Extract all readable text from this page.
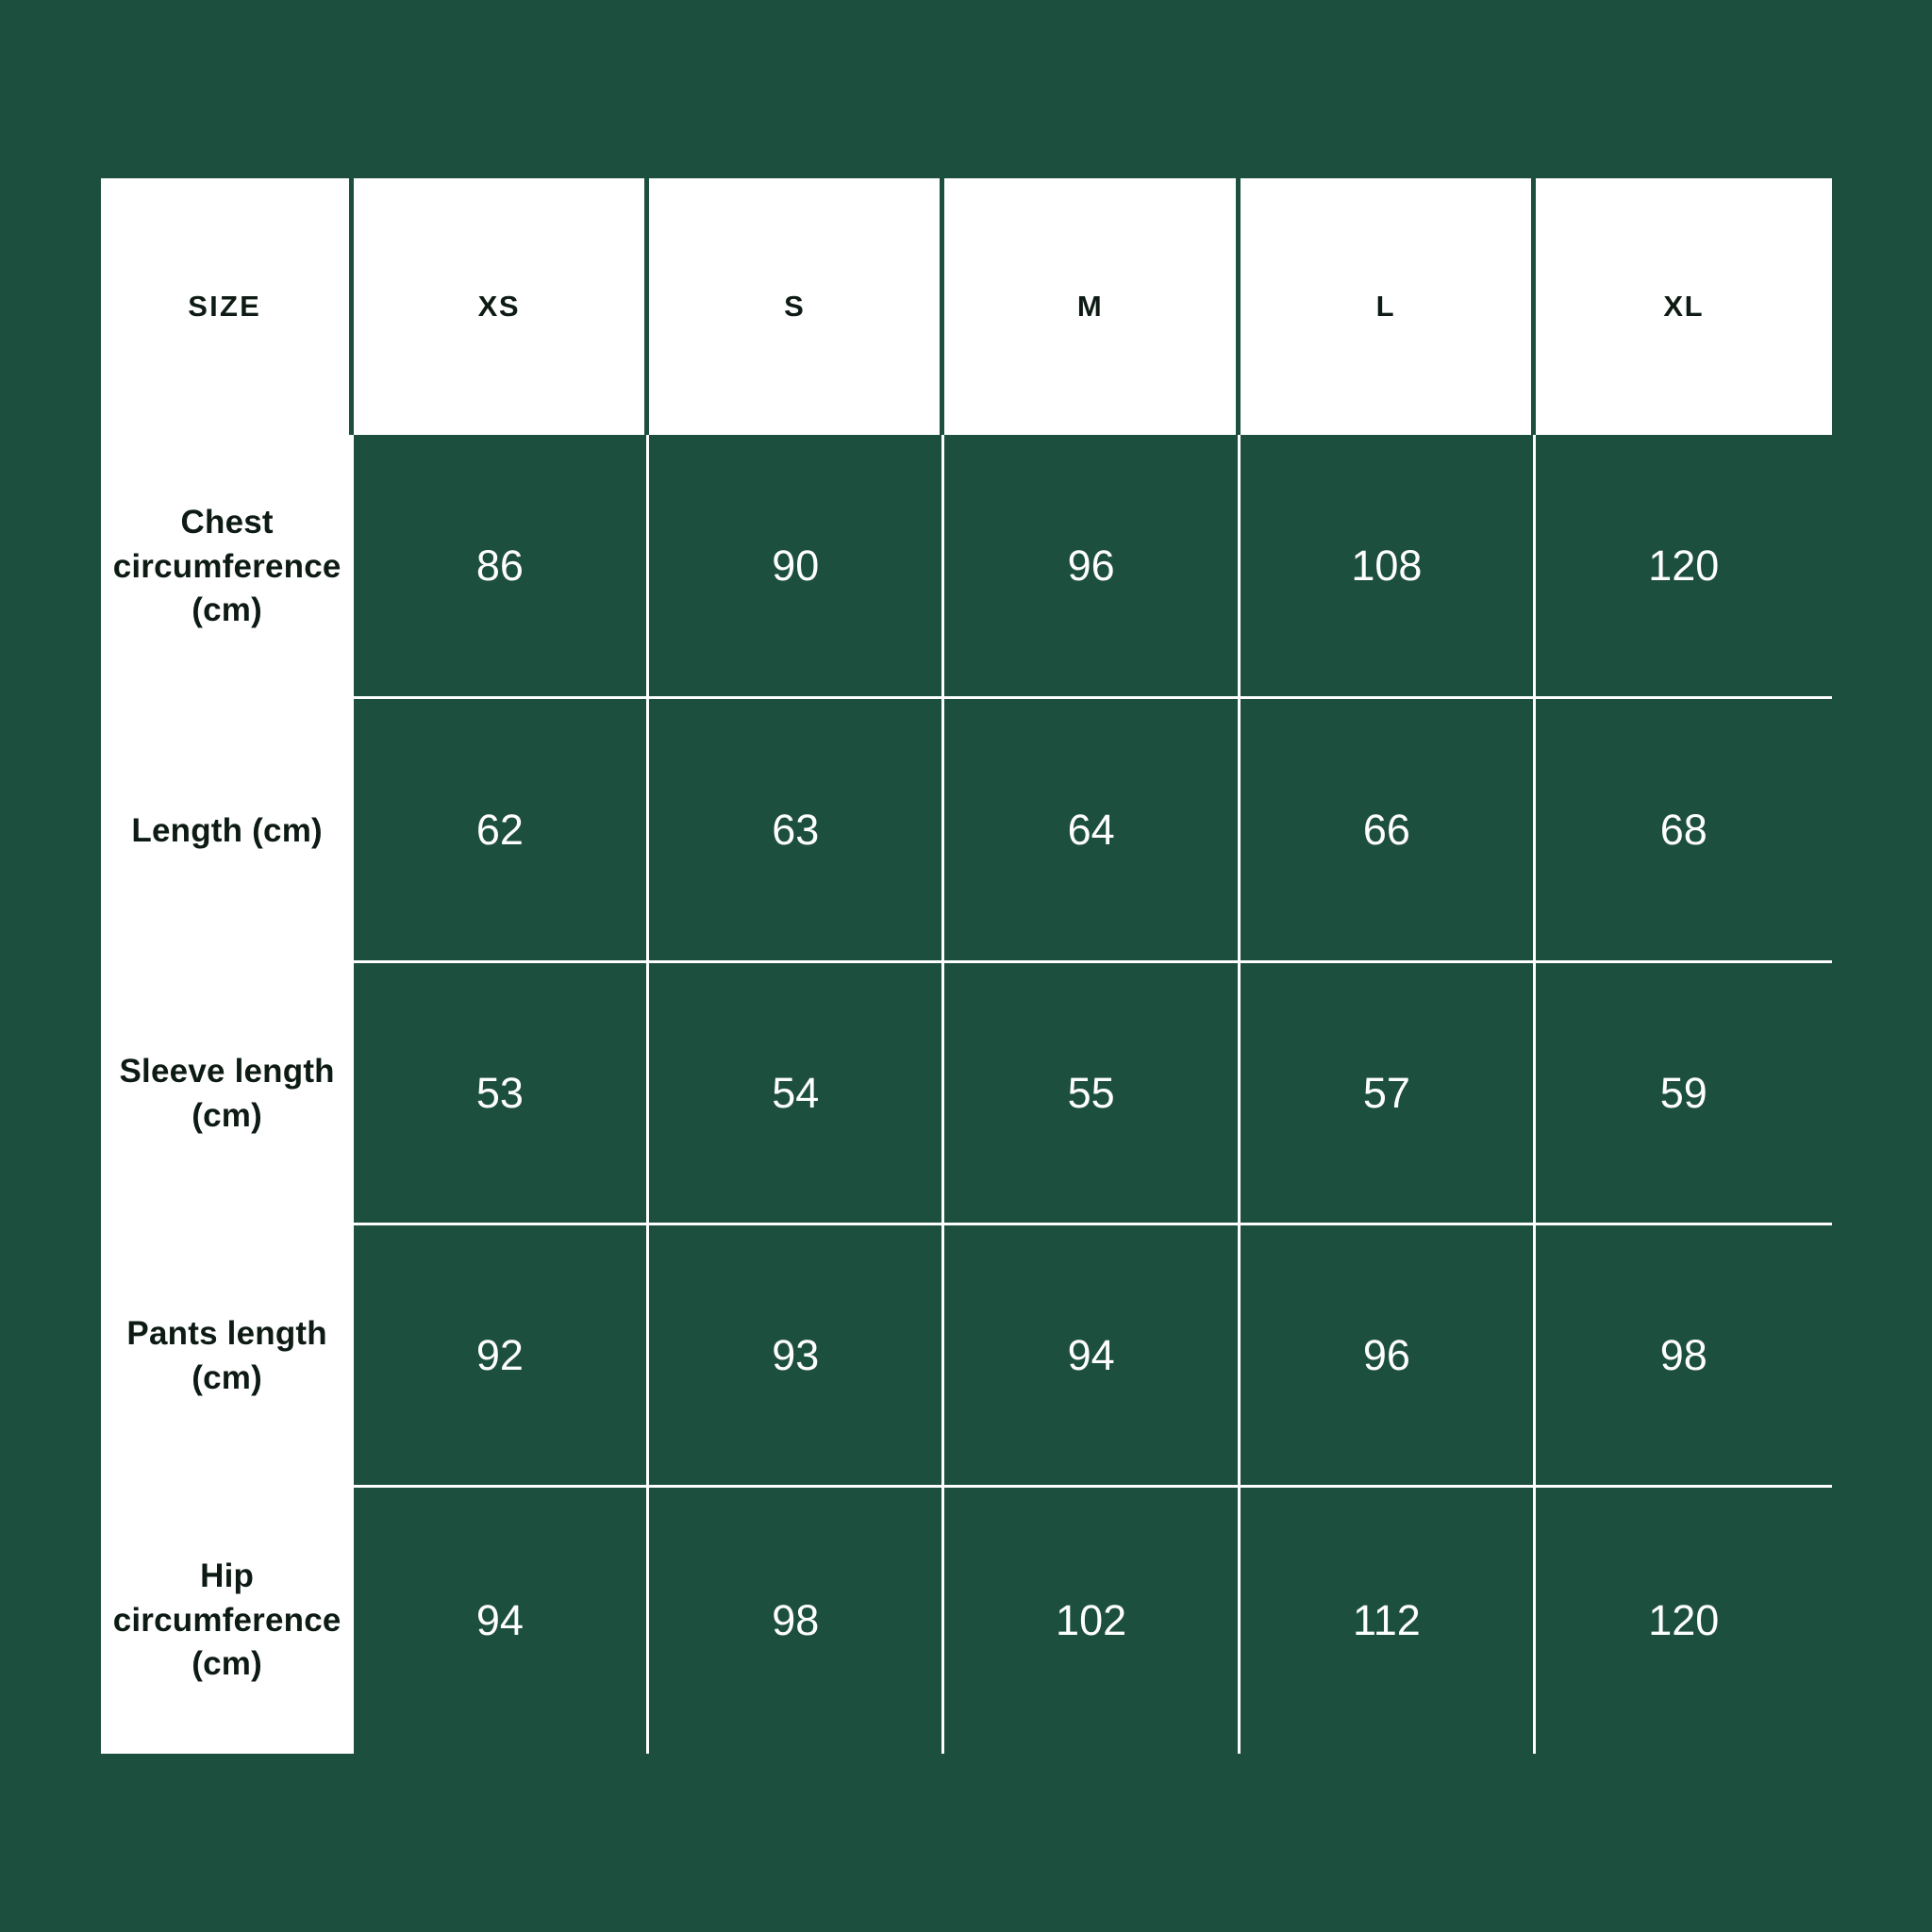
SIZE	XS	S	M	L	XL
Chest circumference (cm)	86	90	96	108	120
Length (cm)	62	63	64	66	68
Sleeve length (cm)	53	54	55	57	59
Pants length (cm)	92	93	94	96	98
Hip circumference (cm)	94	98	102	112	120
